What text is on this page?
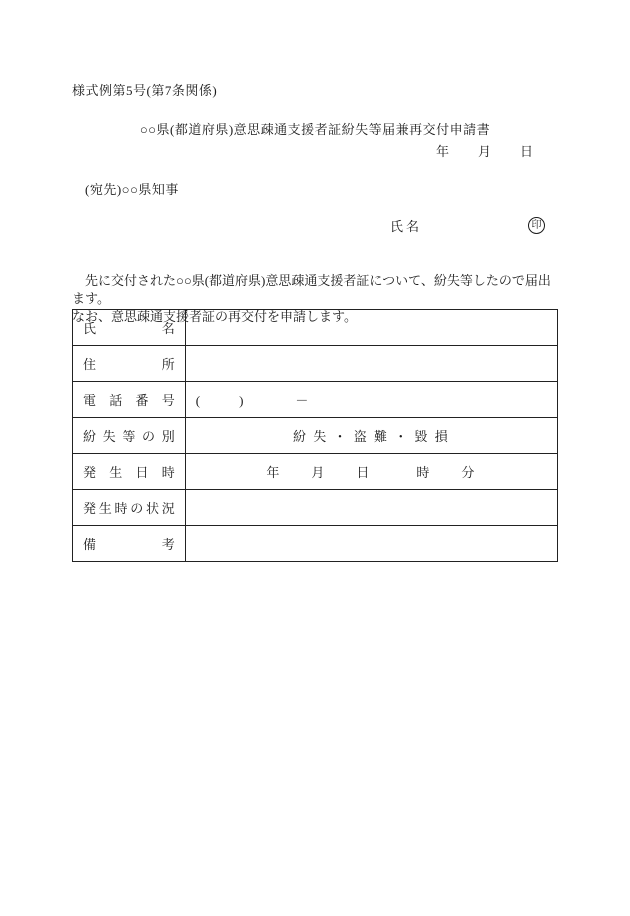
様式例第5号(第7条関係)
○○県(都道府県)意思疎通支援者証紛失等届兼再交付申請書
年　　月　　日
(宛先)○○県知事
氏名	印
先に交付された○○県(都道府県)意思疎通支援者証について、紛失等したので届出ます。
なお、意思疎通支援者証の再交付を申請します。
氏名	
住所	
電話番号	(　　　)　　　　－
紛失等の別	紛 失 ・ 盗 難 ・ 毀 損
発生日時	年　　月　　日　　　時　　分
発生時の状況	
備考	
